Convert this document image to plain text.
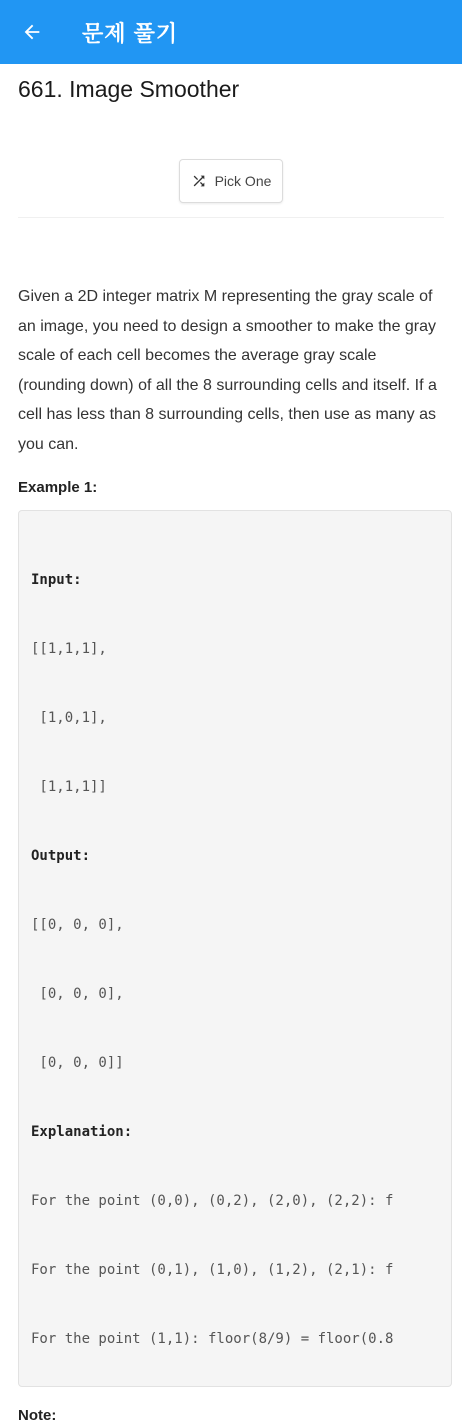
문제 풀기
661. Image Smoother
Pick One
Given a 2D integer matrix M representing the gray scale of an image, you need to design a smoother to make the gray scale of each cell becomes the average gray scale (rounding down) of all the 8 surrounding cells and itself. If a cell has less than 8 surrounding cells, then use as many as you can.
Example 1:

Input:

[[1,1,1],

[1,0,1],

[1,1,1]]

Output:

[[0, 0, 0],

[0, 0, 0],

[0, 0, 0]]

Explanation:

For the point (0,0), (0,2), (2,0), (2,2): f

For the point (0,1), (1,0), (1,2), (2,1): f

For the point (1,1): floor(8/9) = floor(0.8

Note:
